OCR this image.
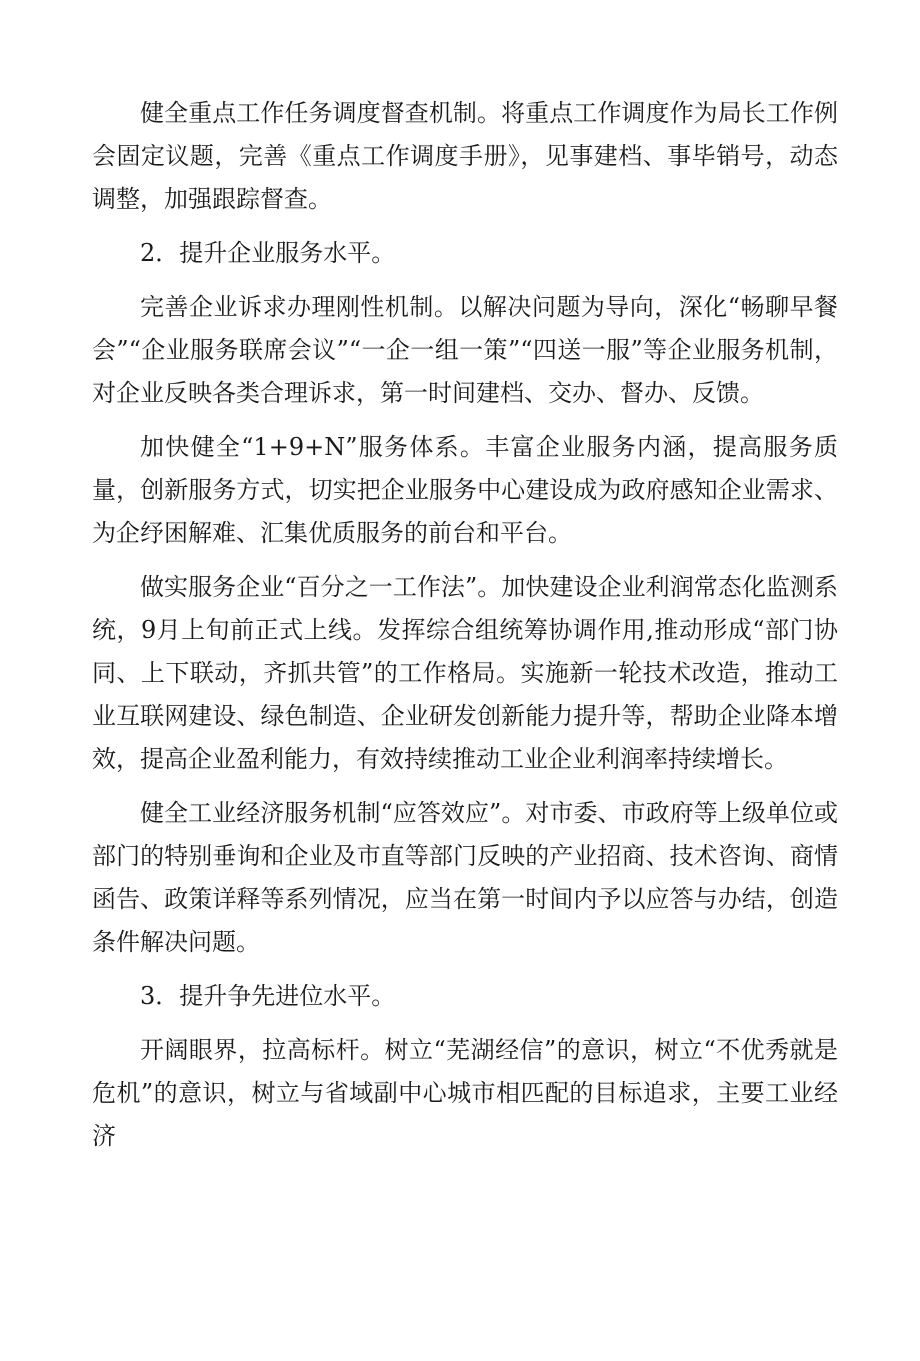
健全重点工作任务调度督查机制。将重点工作调度作为局长工作例会固定议题，完善《重点工作调度手册》，见事建档、事毕销号，动态调整，加强跟踪督查。

2．提升企业服务水平。

完善企业诉求办理刚性机制。以解决问题为导向，深化“畅聊早餐会”“企业服务联席会议”“一企一组一策”“四送一服”等企业服务机制，对企业反映各类合理诉求，第一时间建档、交办、督办、反馈。

加快健全“1+9+N”服务体系。丰富企业服务内涵，提高服务质量，创新服务方式，切实把企业服务中心建设成为政府感知企业需求、为企纾困解难、汇集优质服务的前台和平台。

做实服务企业“百分之一工作法”。加快建设企业利润常态化监测系统，9月上旬前正式上线。发挥综合组统筹协调作用,推动形成“部门协同、上下联动，齐抓共管”的工作格局。实施新一轮技术改造，推动工业互联网建设、绿色制造、企业研发创新能力提升等，帮助企业降本增效，提高企业盈利能力，有效持续推动工业企业利润率持续增长。

健全工业经济服务机制“应答效应”。对市委、市政府等上级单位或部门的特别垂询和企业及市直等部门反映的产业招商、技术咨询、商情函告、政策详释等系列情况，应当在第一时间内予以应答与办结，创造条件解决问题。

3．提升争先进位水平。

开阔眼界，拉高标杆。树立“芜湖经信”的意识，树立“不优秀就是危机”的意识，树立与省域副中心城市相匹配的目标追求，主要工业经济
